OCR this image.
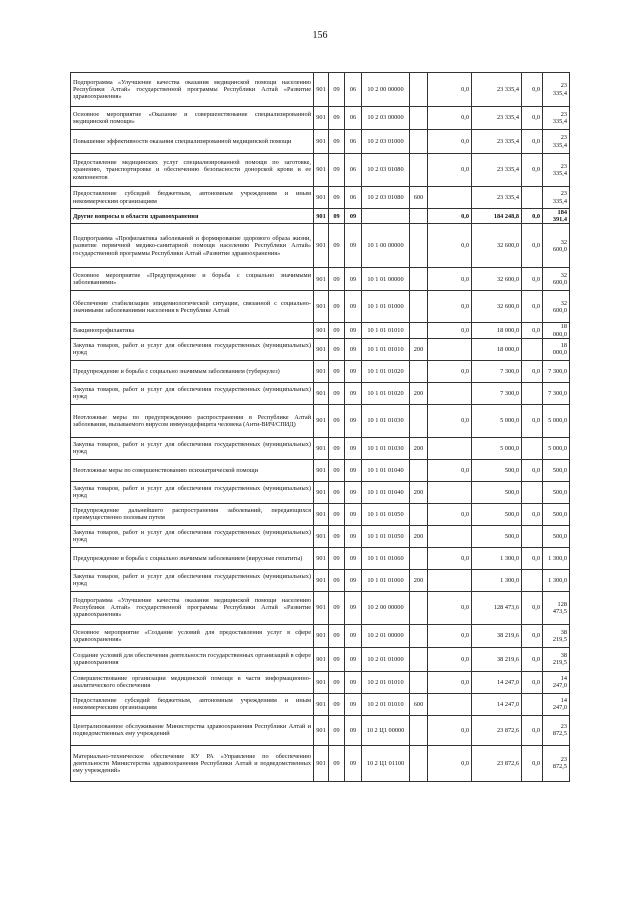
156
Подпрограмма «Улучшение качества оказания медицинской помощи населению Республики Алтай» государственной программы Республики Алтай «Развитие здравоохранения»	901	09	06	10 2 00 00000		0,0	23 335,4	0,0	23 335,4
Основное мероприятие «Оказание и совершенствование специализированной медицинской помощи»	901	09	06	10 2 03 00000		0,0	23 335,4	0,0	23 335,4
Повышение эффективности оказания специализированной медицинской помощи	901	09	06	10 2 03 01000		0,0	23 335,4	0,0	23 335,4
Предоставление медицинских услуг специализированной помощи по заготовке, хранению, транспортировке и обеспечению безопасности донорской крови и ее компонентов	901	09	06	10 2 03 01080		0,0	23 335,4	0,0	23 335,4
Предоставление субсидий бюджетным, автономным учреждениям и иным некоммерческим организациям	901	09	06	10 2 03 01080	600		23 335,4		23 335,4
Другие вопросы в области здравоохранения	901	09	09			0,0	184 248,8	0,0	184 391,4
Подпрограмма «Профилактика заболеваний и формирование здорового образа жизни, развитие первичной медико-санитарной помощи населению Республики Алтай» государственной программы Республики Алтай «Развитие здравоохранения»	901	09	09	10 1 00 00000		0,0	32 600,0	0,0	32 600,0
Основное мероприятие «Предупреждение и борьба с социально значимыми заболеваниями»	901	09	09	10 1 01 00000		0,0	32 600,0	0,0	32 600,0
Обеспечение стабилизации эпидемиологической ситуации, связанной с социально-значимыми заболеваниями населения в Республике Алтай	901	09	09	10 1 01 01000		0,0	32 600,0	0,0	32 600,0
Вакцинопрофилактика	901	09	09	10 1 01 01010		0,0	18 000,0	0,0	18 000,0
Закупка товаров, работ и услуг для обеспечения государственных (муниципальных) нужд	901	09	09	10 1 01 01010	200		18 000,0		18 000,0
Предупреждение и борьба с социально значимым заболеванием (туберкулез)	901	09	09	10 1 01 01020		0,0	7 300,0	0,0	7 300,0
Закупка товаров, работ и услуг для обеспечения государственных (муниципальных) нужд	901	09	09	10 1 01 01020	200		7 300,0		7 300,0
Неотложные меры по предупреждению распространения в Республике Алтай заболевания, вызываемого вирусом иммунодефицита человека (Анти-ВИЧ/СПИД)	901	09	09	10 1 01 01030		0,0	5 000,0	0,0	5 000,0
Закупка товаров, работ и услуг для обеспечения государственных (муниципальных) нужд	901	09	09	10 1 01 01030	200		5 000,0		5 000,0
Неотложные меры по совершенствованию психиатрической помощи	901	09	09	10 1 01 01040		0,0	500,0	0,0	500,0
Закупка товаров, работ и услуг для обеспечения государственных (муниципальных) нужд	901	09	09	10 1 01 01040	200		500,0		500,0
Предупреждение дальнейшего распространения заболеваний, передающихся преимущественно половым путем	901	09	09	10 1 01 01050		0,0	500,0	0,0	500,0
Закупка товаров, работ и услуг для обеспечения государственных (муниципальных) нужд	901	09	09	10 1 01 01050	200		500,0		500,0
Предупреждение и борьба с социально значимым заболеванием (вирусные гепатиты)	901	09	09	10 1 01 01060		0,0	1 300,0	0,0	1 300,0
Закупка товаров, работ и услуг для обеспечения государственных (муниципальных) нужд	901	09	09	10 1 01 01060	200		1 300,0		1 300,0
Подпрограмма «Улучшение качества оказания медицинской помощи населению Республики Алтай» государственной программы Республики Алтай «Развитие здравоохранения»	901	09	09	10 2 00 00000		0,0	128 473,6	0,0	128 473,5
Основное мероприятие «Создание условий для предоставления услуг в сфере здравоохранения»	901	09	09	10 2 01 00000		0,0	38 219,6	0,0	38 219,5
Создание условий для обеспечения деятельности государственных организаций в сфере здравоохранения	901	09	09	10 2 01 01000		0,0	38 219,6	0,0	38 219,5
Совершенствование организации медицинской помощи в части информационно-аналитического обеспечения	901	09	09	10 2 01 01010		0,0	14 247,0	0,0	14 247,0
Предоставление субсидий бюджетным, автономным учреждениям и иным некоммерческим организациям	901	09	09	10 2 01 01010	600		14 247,0		14 247,0
Централизованное обслуживание Министерства здравоохранения Республики Алтай и подведомственных ему учреждений	901	09	09	10 2 Ц1 00000		0,0	23 872,6	0,0	23 872,5
Материально-техническое обеспечение КУ РА «Управление по обеспечению деятельности Министерства здравоохранения Республики Алтай и подведомственных ему учреждений»	901	09	09	10 2 Ц1 01100		0,0	23 872,6	0,0	23 872,5
